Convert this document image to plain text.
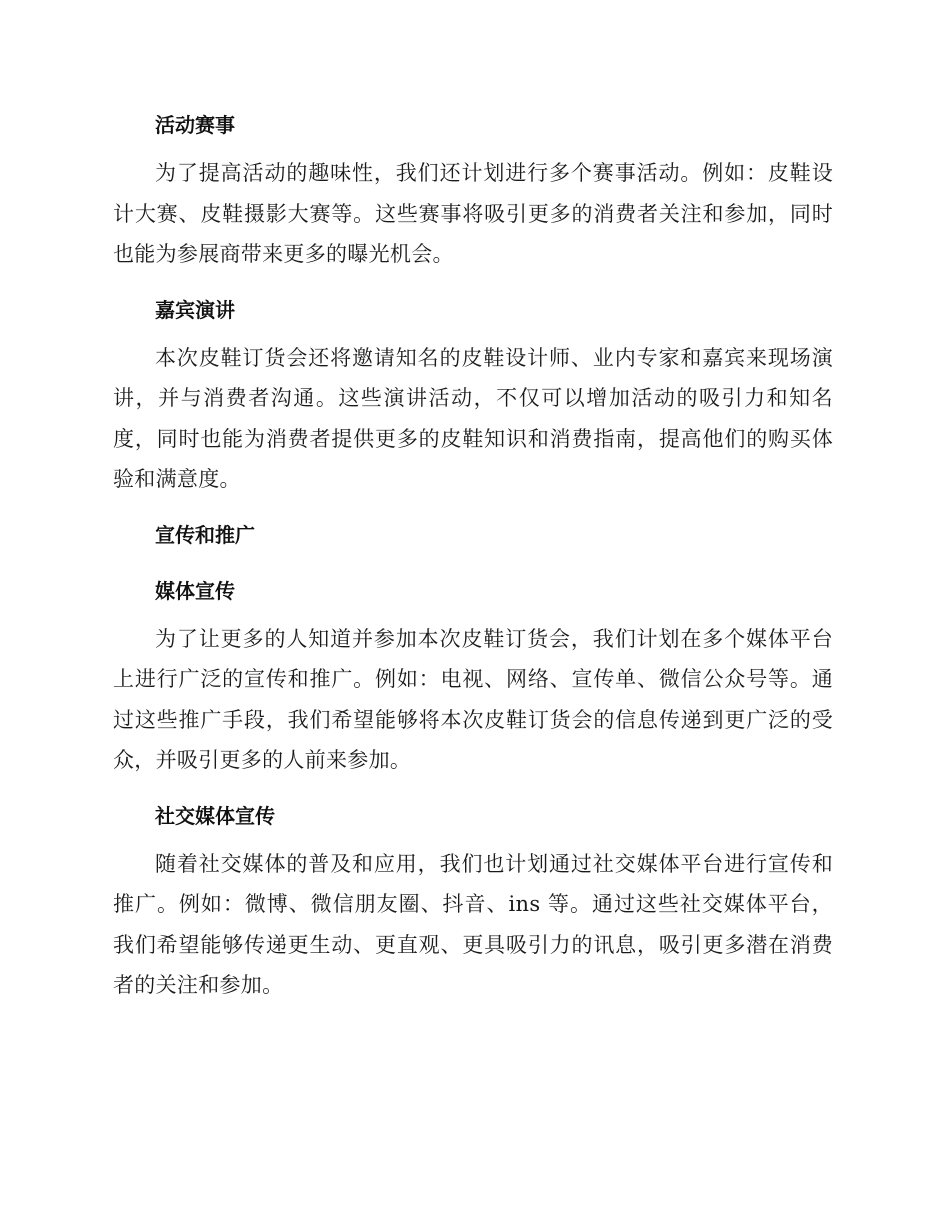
活动赛事

为了提高活动的趣味性，我们还计划进行多个赛事活动。例如：皮鞋设计大赛、皮鞋摄影大赛等。这些赛事将吸引更多的消费者关注和参加，同时也能为参展商带来更多的曝光机会。

嘉宾演讲

本次皮鞋订货会还将邀请知名的皮鞋设计师、业内专家和嘉宾来现场演讲，并与消费者沟通。这些演讲活动，不仅可以增加活动的吸引力和知名度，同时也能为消费者提供更多的皮鞋知识和消费指南，提高他们的购买体验和满意度。

宣传和推广
媒体宣传

为了让更多的人知道并参加本次皮鞋订货会，我们计划在多个媒体平台上进行广泛的宣传和推广。例如：电视、网络、宣传单、微信公众号等。通过这些推广手段，我们希望能够将本次皮鞋订货会的信息传递到更广泛的受众，并吸引更多的人前来参加。

社交媒体宣传

随着社交媒体的普及和应用，我们也计划通过社交媒体平台进行宣传和推广。例如：微博、微信朋友圈、抖音、ins 等。通过这些社交媒体平台，我们希望能够传递更生动、更直观、更具吸引力的讯息，吸引更多潜在消费者的关注和参加。
